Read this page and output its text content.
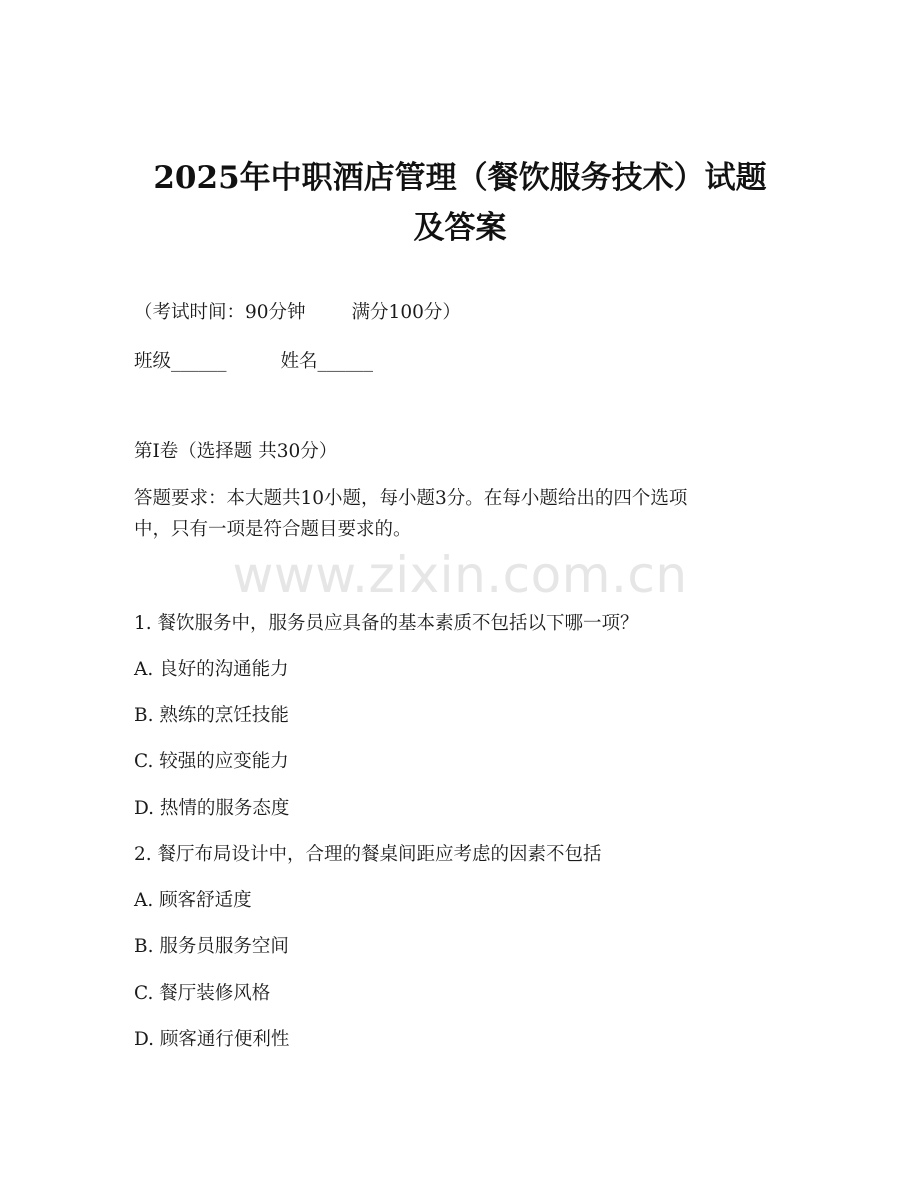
www.zixin.com.cn
2025年中职酒店管理（餐饮服务技术）试题
及答案
（考试时间：90分钟 满分100分）
班级______	姓名______
第Ⅰ卷（选择题 共30分）
答题要求：本大题共10小题，每小题3分。在每小题给出的四个选项
中，只有一项是符合题目要求的。
1. 餐饮服务中，服务员应具备的基本素质不包括以下哪一项？
A. 良好的沟通能力
B. 熟练的烹饪技能
C. 较强的应变能力
D. 热情的服务态度
2. 餐厅布局设计中，合理的餐桌间距应考虑的因素不包括
A. 顾客舒适度
B. 服务员服务空间
C. 餐厅装修风格
D. 顾客通行便利性
